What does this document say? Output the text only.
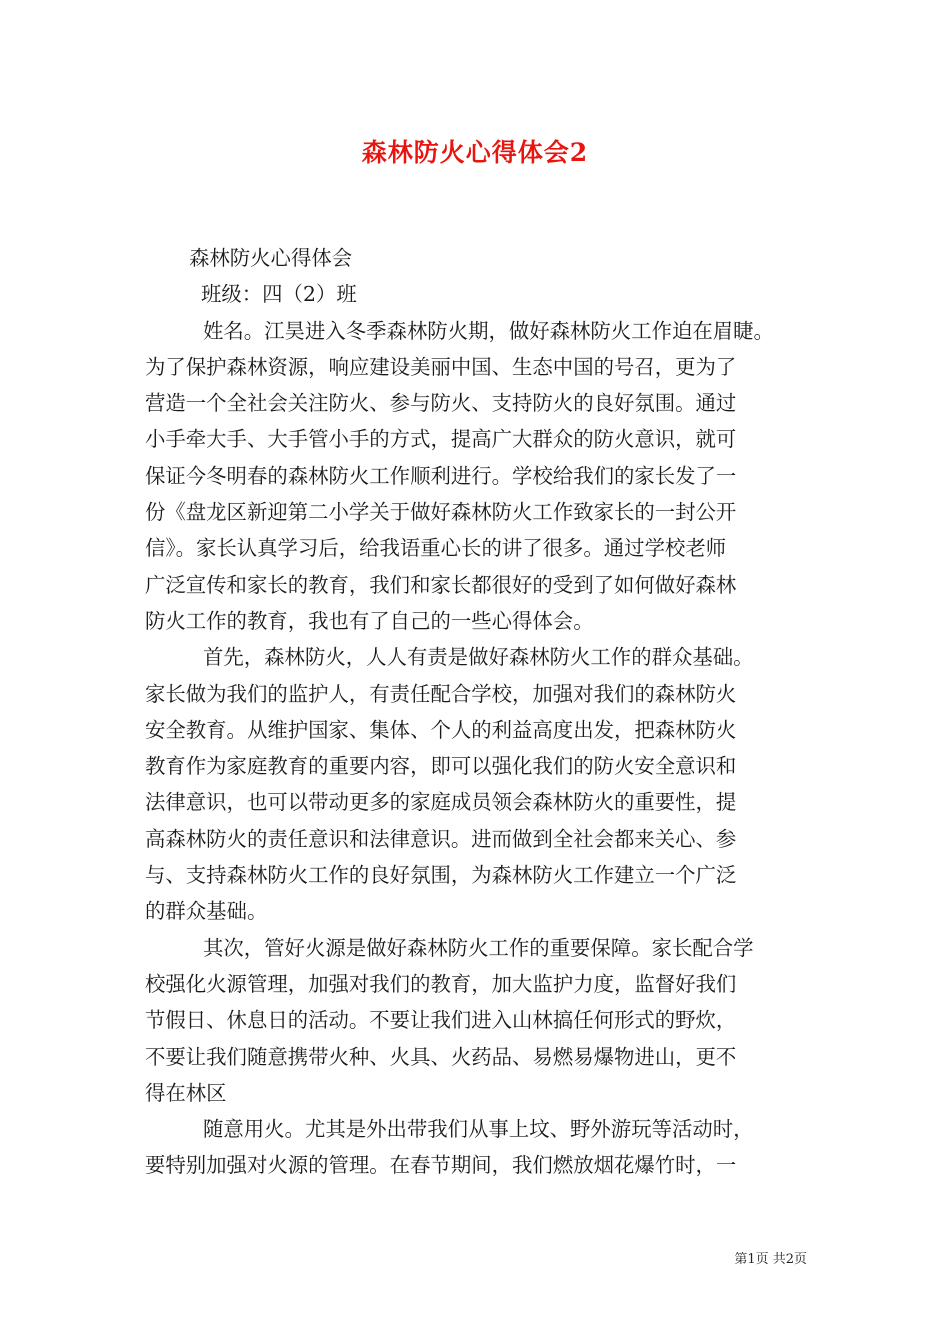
森林防火心得体会2
森林防火心得体会
班级：四（2）班
姓名。江昊进入冬季森林防火期，做好森林防火工作迫在眉睫。
为了保护森林资源，响应建设美丽中国、生态中国的号召，更为了
营造一个全社会关注防火、参与防火、支持防火的良好氛围。通过
小手牵大手、大手管小手的方式，提高广大群众的防火意识，就可
保证今冬明春的森林防火工作顺利进行。学校给我们的家长发了一
份《盘龙区新迎第二小学关于做好森林防火工作致家长的一封公开
信》。家长认真学习后，给我语重心长的讲了很多。通过学校老师
广泛宣传和家长的教育，我们和家长都很好的受到了如何做好森林
防火工作的教育，我也有了自己的一些心得体会。
首先，森林防火，人人有责是做好森林防火工作的群众基础。
家长做为我们的监护人，有责任配合学校，加强对我们的森林防火
安全教育。从维护国家、集体、个人的利益高度出发，把森林防火
教育作为家庭教育的重要内容，即可以强化我们的防火安全意识和
法律意识，也可以带动更多的家庭成员领会森林防火的重要性，提
高森林防火的责任意识和法律意识。进而做到全社会都来关心、参
与、支持森林防火工作的良好氛围，为森林防火工作建立一个广泛
的群众基础。
其次，管好火源是做好森林防火工作的重要保障。家长配合学
校强化火源管理，加强对我们的教育，加大监护力度，监督好我们
节假日、休息日的活动。不要让我们进入山林搞任何形式的野炊，
不要让我们随意携带火种、火具、火药品、易燃易爆物进山，更不
得在林区
随意用火。尤其是外出带我们从事上坟、野外游玩等活动时，
要特别加强对火源的管理。在春节期间，我们燃放烟花爆竹时，一
第1页 共2页
